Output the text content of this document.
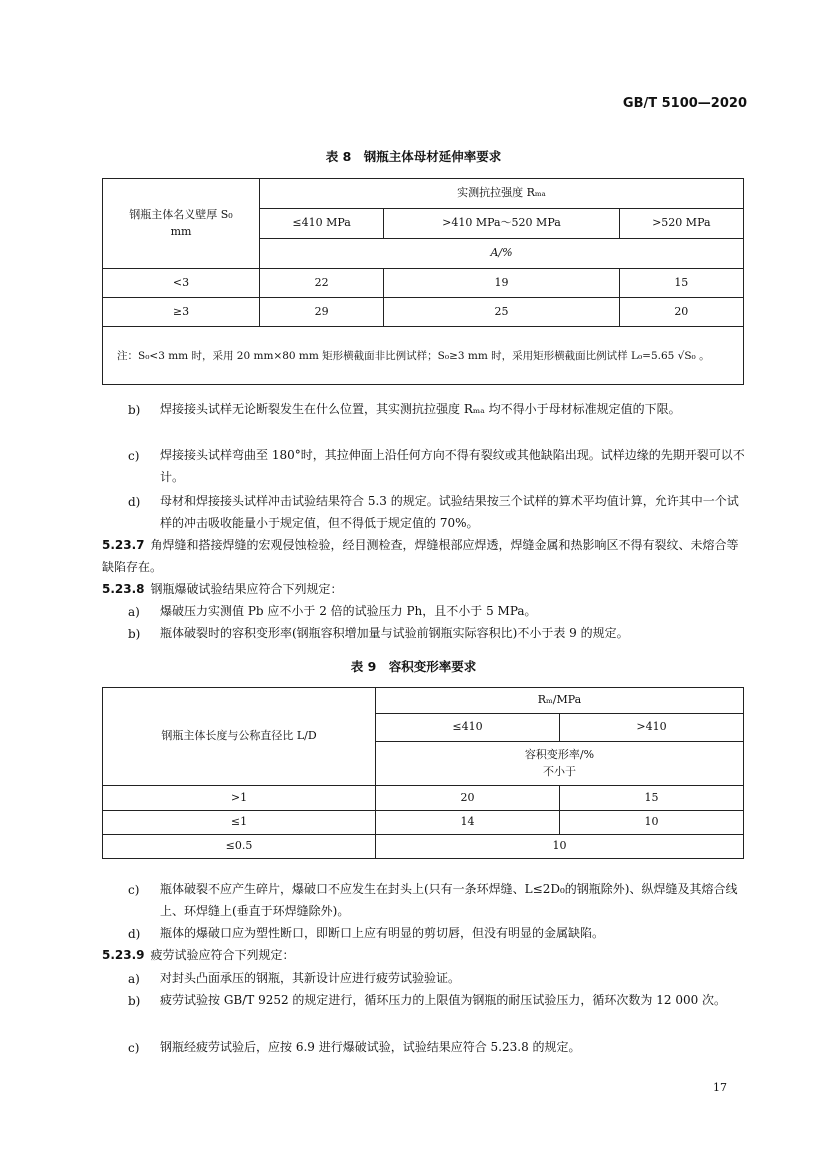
GB/T 5100—2020
表 8　钢瓶主体母材延伸率要求
钢瓶主体名义壁厚 S₀
mm	实测抗拉强度 Rₘₐ		
	≤410 MPa	>410 MPa～520 MPa	>520 MPa
	A/%		
<3	22	19	15
≥3	29	25	20
注：S₀<3 mm 时，采用 20 mm×80 mm 矩形横截面非比例试样；S₀≥3 mm 时，采用矩形横截面比例试样 L₀=5.65 √S₀ 。			
b) 焊接接头试样无论断裂发生在什么位置，其实测抗拉强度 Rₘₐ 均不得小于母材标准规定值的下限。
c) 焊接接头试样弯曲至 180°时，其拉伸面上沿任何方向不得有裂纹或其他缺陷出现。试样边缘的先期开裂可以不计。
d) 母材和焊接接头试样冲击试验结果符合 5.3 的规定。试验结果按三个试样的算术平均值计算，允许其中一个试样的冲击吸收能量小于规定值，但不得低于规定值的 70%。
5.23.7 角焊缝和搭接焊缝的宏观侵蚀检验，经目测检查，焊缝根部应焊透，焊缝金属和热影响区不得有裂纹、未熔合等缺陷存在。
5.23.8 钢瓶爆破试验结果应符合下列规定：
a) 爆破压力实测值 Pb 应不小于 2 倍的试验压力 Ph，且不小于 5 MPa。
b) 瓶体破裂时的容积变形率(钢瓶容积增加量与试验前钢瓶实际容积比)不小于表 9 的规定。
表 9　容积变形率要求
钢瓶主体长度与公称直径比 L/D	Rₘ/MPa	
	≤410	>410

	容积变形率/%
不小于	

>1	20	15
≤1	14	10
≤0.5	10	
c) 瓶体破裂不应产生碎片，爆破口不应发生在封头上(只有一条环焊缝、L≤2D₀的钢瓶除外)、纵焊缝及其熔合线上、环焊缝上(垂直于环焊缝除外)。
d) 瓶体的爆破口应为塑性断口，即断口上应有明显的剪切唇，但没有明显的金属缺陷。
5.23.9 疲劳试验应符合下列规定：
a) 对封头凸面承压的钢瓶，其新设计应进行疲劳试验验证。
b) 疲劳试验按 GB/T 9252 的规定进行，循环压力的上限值为钢瓶的耐压试验压力，循环次数为 12 000 次。
c) 钢瓶经疲劳试验后，应按 6.9 进行爆破试验，试验结果应符合 5.23.8 的规定。
17
